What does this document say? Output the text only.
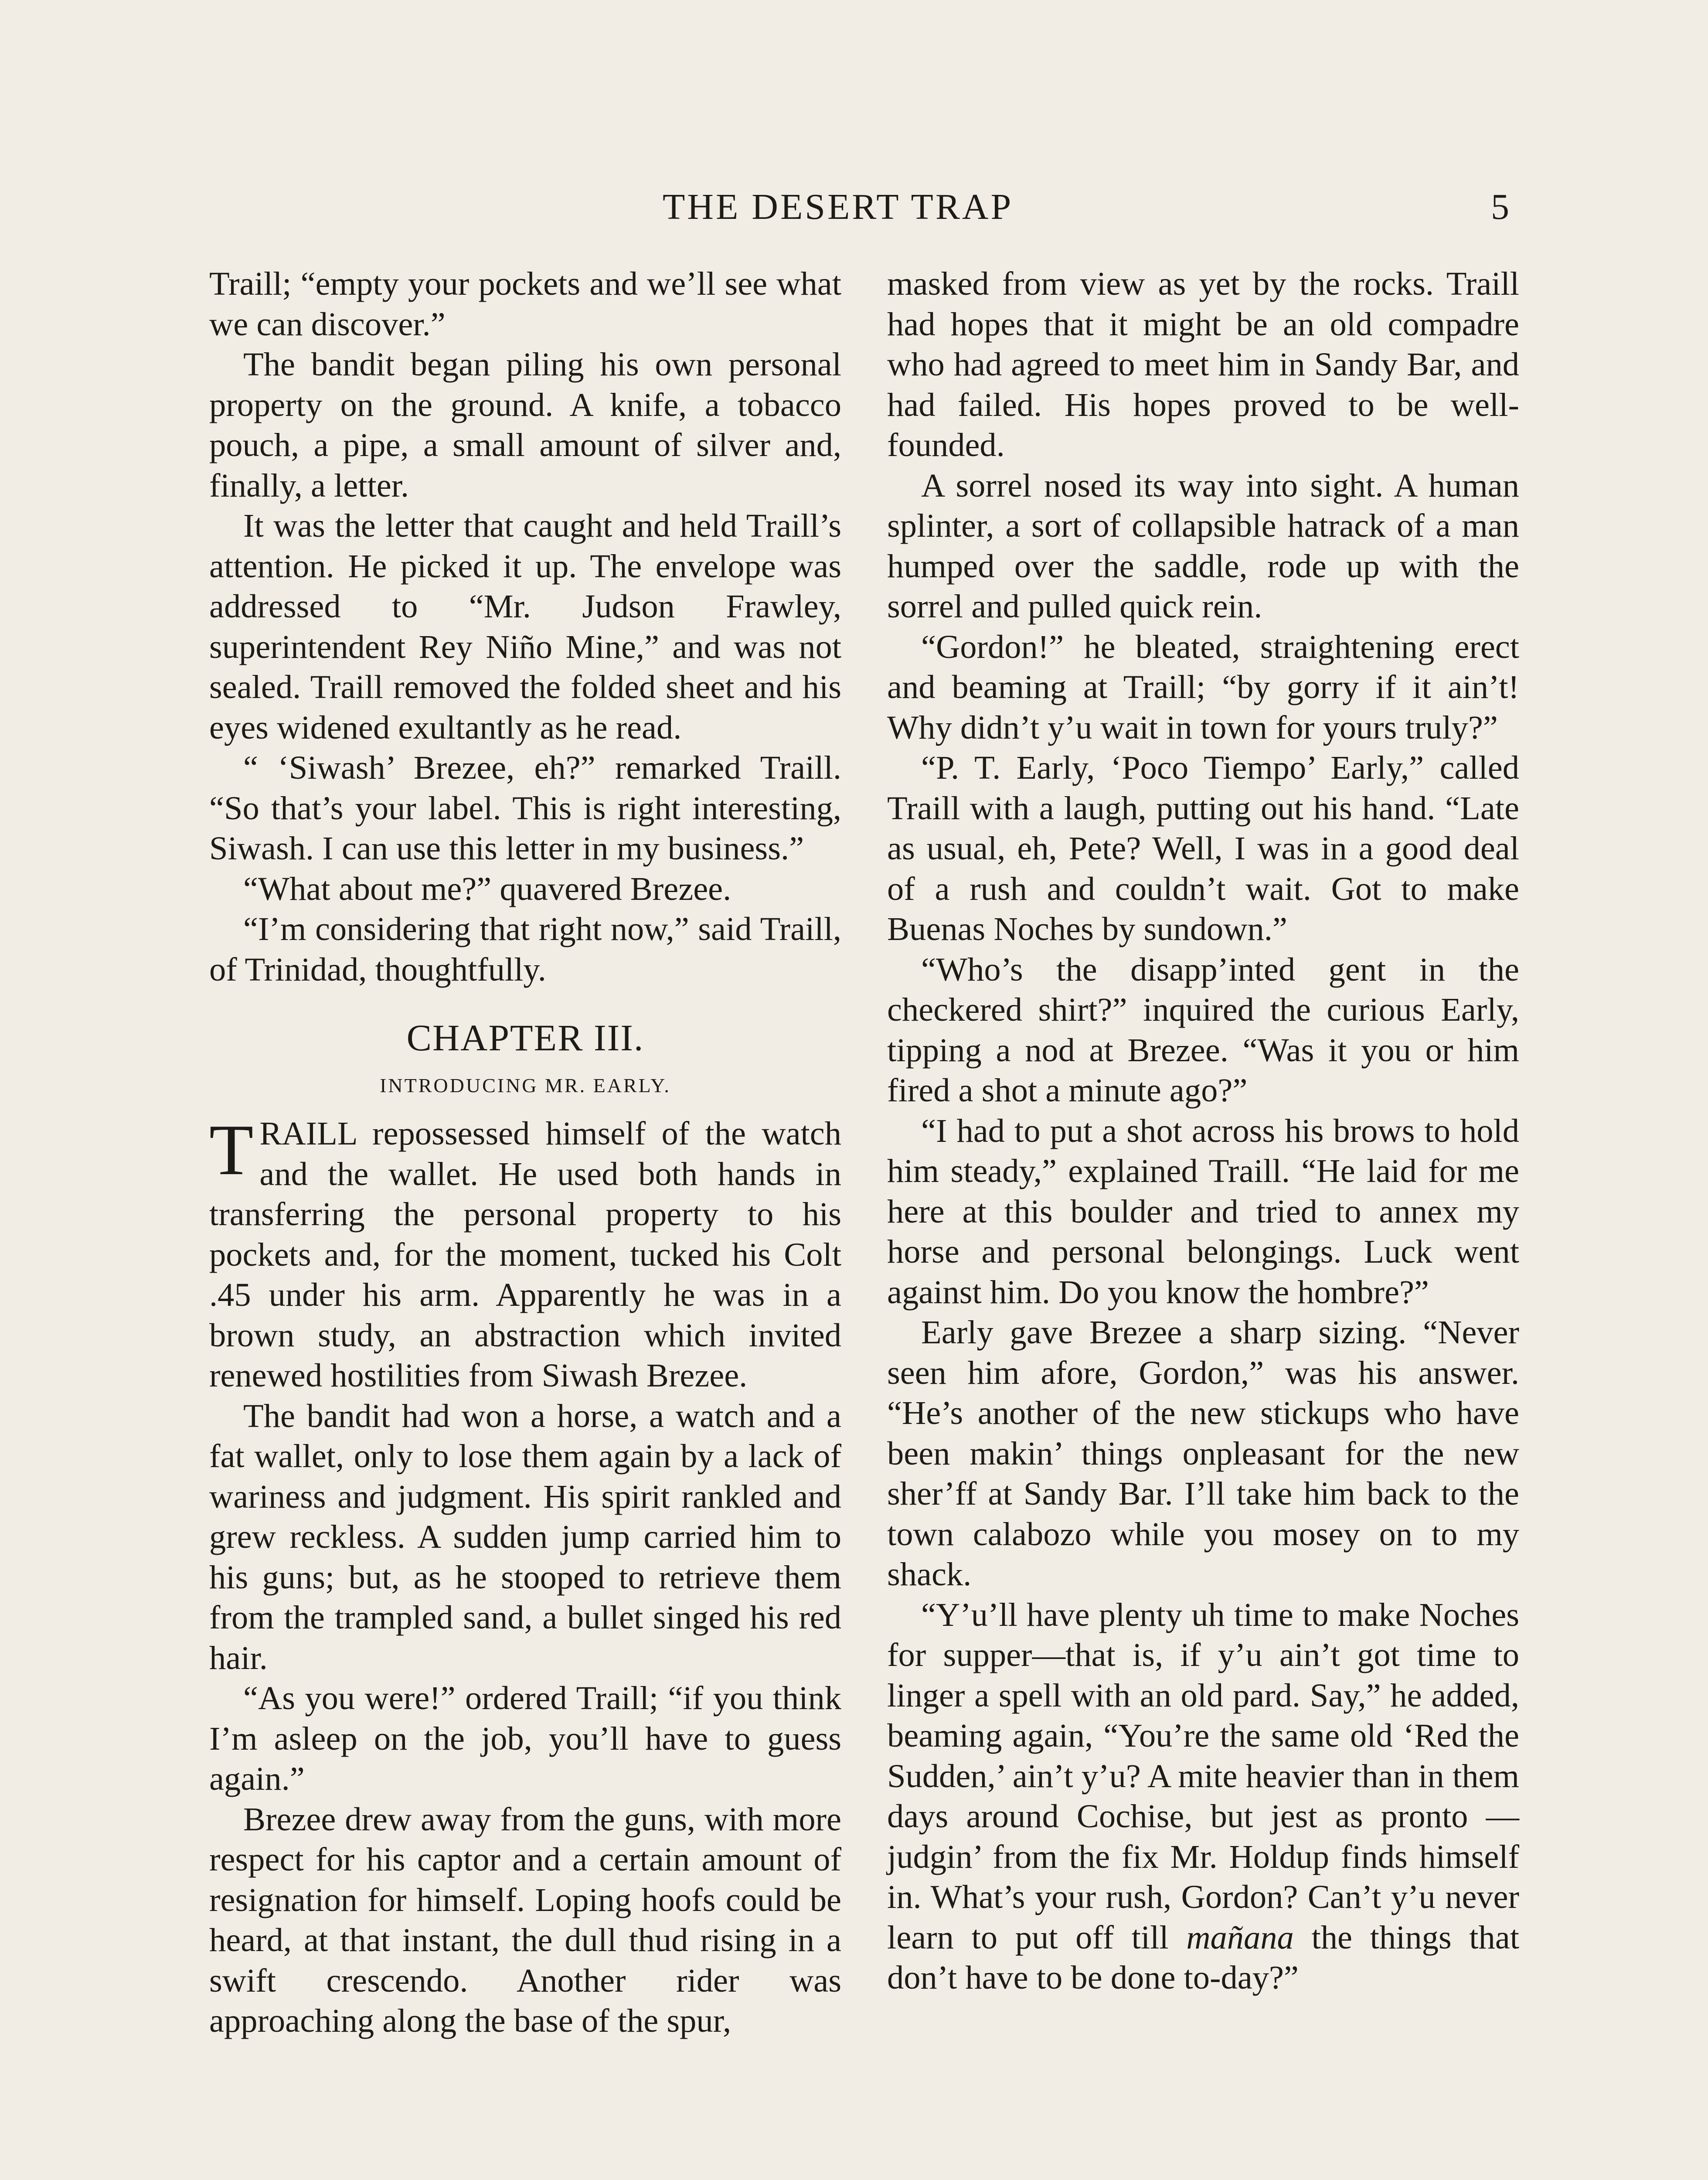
THE DESERT TRAP	5

Traill; “empty your pockets and we’ll see what we can discover.”

The bandit began piling his own personal property on the ground. A knife, a tobacco pouch, a pipe, a small amount of silver and, finally, a letter.

It was the letter that caught and held Traill’s attention. He picked it up. The envelope was addressed to “Mr. Judson Frawley, superintendent Rey Niño Mine,” and was not sealed. Traill removed the folded sheet and his eyes widened exultantly as he read.

“ ‘Siwash’ Brezee, eh?” remarked Traill. “So that’s your label. This is right interesting, Siwash. I can use this letter in my business.”

“What about me?” quavered Brezee.

“I’m considering that right now,” said Traill, of Trinidad, thoughtfully.

CHAPTER III.
INTRODUCING MR. EARLY.

TRAILL repossessed himself of the watch and the wallet. He used both hands in transferring the personal property to his pockets and, for the moment, tucked his Colt .45 under his arm. Apparently he was in a brown study, an abstraction which invited renewed hostilities from Siwash Brezee.

The bandit had won a horse, a watch and a fat wallet, only to lose them again by a lack of wariness and judgment. His spirit rankled and grew reckless. A sudden jump carried him to his guns; but, as he stooped to retrieve them from the trampled sand, a bullet singed his red hair.

“As you were!” ordered Traill; “if you think I’m asleep on the job, you’ll have to guess again.”

Brezee drew away from the guns, with more respect for his captor and a certain amount of resignation for himself. Loping hoofs could be heard, at that instant, the dull thud rising in a swift crescendo. Another rider was approaching along the base of the spur,

masked from view as yet by the rocks. Traill had hopes that it might be an old compadre who had agreed to meet him in Sandy Bar, and had failed. His hopes proved to be well-founded.

A sorrel nosed its way into sight. A human splinter, a sort of collapsible hatrack of a man humped over the saddle, rode up with the sorrel and pulled quick rein.

“Gordon!” he bleated, straightening erect and beaming at Traill; “by gorry if it ain’t! Why didn’t y’u wait in town for yours truly?”

“P. T. Early, ‘Poco Tiempo’ Early,” called Traill with a laugh, putting out his hand. “Late as usual, eh, Pete? Well, I was in a good deal of a rush and couldn’t wait. Got to make Buenas Noches by sundown.”

“Who’s the disapp’inted gent in the checkered shirt?” inquired the curious Early, tipping a nod at Brezee. “Was it you or him fired a shot a minute ago?”

“I had to put a shot across his brows to hold him steady,” explained Traill. “He laid for me here at this boulder and tried to annex my horse and personal belongings. Luck went against him. Do you know the hombre?”

Early gave Brezee a sharp sizing. “Never seen him afore, Gordon,” was his answer. “He’s another of the new stickups who have been makin’ things onpleasant for the new sher’ff at Sandy Bar. I’ll take him back to the town calabozo while you mosey on to my shack.

“Y’u’ll have plenty uh time to make Noches for supper—that is, if y’u ain’t got time to linger a spell with an old pard. Say,” he added, beaming again, “You’re the same old ‘Red the Sudden,’ ain’t y’u? A mite heavier than in them days around Cochise, but jest as pronto —judgin’ from the fix Mr. Holdup finds himself in. What’s your rush, Gordon? Can’t y’u never learn to put off till mañana the things that don’t have to be done to-day?”
